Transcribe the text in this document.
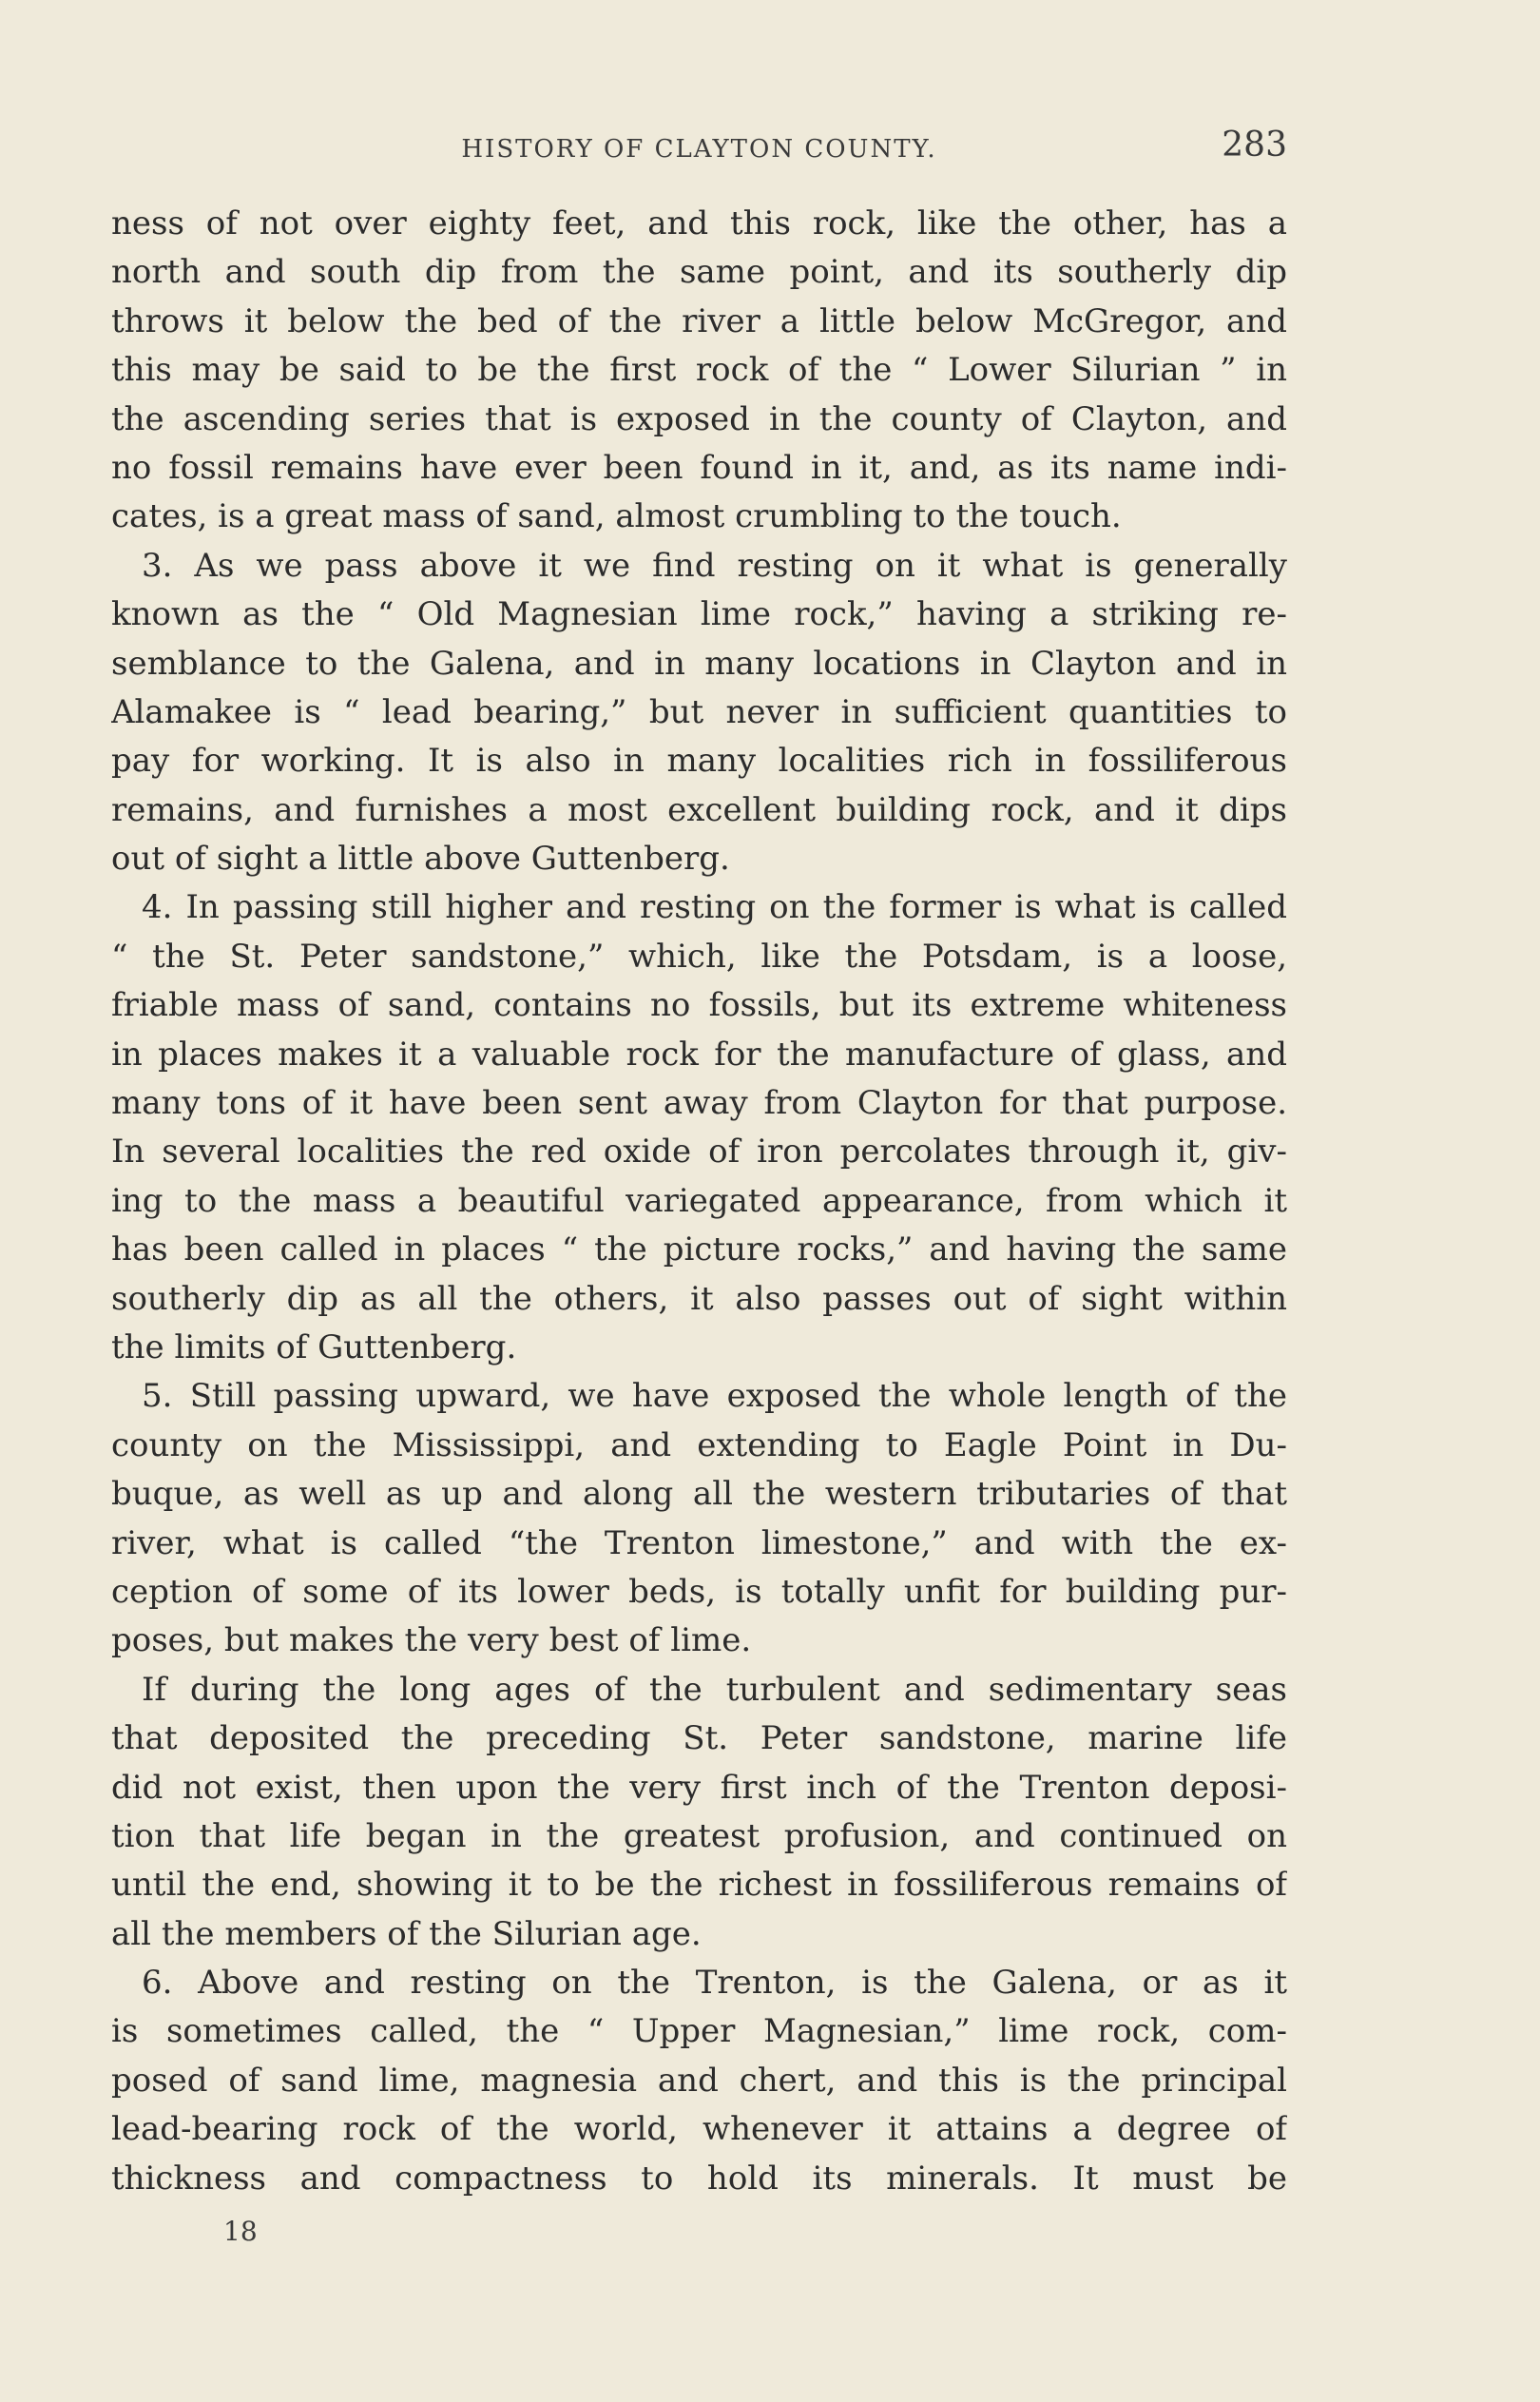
HISTORY OF CLAYTON COUNTY.	283
ness of not over eighty feet, and this rock, like the other, has a
north and south dip from the same point, and its southerly dip
throws it below the bed of the river a little below McGregor, and
this may be said to be the first rock of the “ Lower Silurian ” in
the ascending series that is exposed in the county of Clayton, and
no fossil remains have ever been found in it, and, as its name indi-
cates, is a great mass of sand, almost crumbling to the touch.
3. As we pass above it we find resting on it what is generally
known as the “ Old Magnesian lime rock,” having a striking re-
semblance to the Galena, and in many locations in Clayton and in
Alamakee is “ lead bearing,” but never in sufficient quantities to
pay for working. It is also in many localities rich in fossiliferous
remains, and furnishes a most excellent building rock, and it dips
out of sight a little above Guttenberg.
4. In passing still higher and resting on the former is what is called
“ the St. Peter sandstone,” which, like the Potsdam, is a loose,
friable mass of sand, contains no fossils, but its extreme whiteness
in places makes it a valuable rock for the manufacture of glass, and
many tons of it have been sent away from Clayton for that purpose.
In several localities the red oxide of iron percolates through it, giv-
ing to the mass a beautiful variegated appearance, from which it
has been called in places “ the picture rocks,” and having the same
southerly dip as all the others, it also passes out of sight within
the limits of Guttenberg.
5. Still passing upward, we have exposed the whole length of the
county on the Mississippi, and extending to Eagle Point in Du-
buque, as well as up and along all the western tributaries of that
river, what is called “the Trenton limestone,” and with the ex-
ception of some of its lower beds, is totally unfit for building pur-
poses, but makes the very best of lime.
If during the long ages of the turbulent and sedimentary seas
that deposited the preceding St. Peter sandstone, marine life
did not exist, then upon the very first inch of the Trenton deposi-
tion that life began in the greatest profusion, and continued on
until the end, showing it to be the richest in fossiliferous remains of
all the members of the Silurian age.
6. Above and resting on the Trenton, is the Galena, or as it
is sometimes called, the “ Upper Magnesian,” lime rock, com-
posed of sand lime, magnesia and chert, and this is the principal
lead-bearing rock of the world, whenever it attains a degree of
thickness and compactness to hold its minerals. It must be
18
